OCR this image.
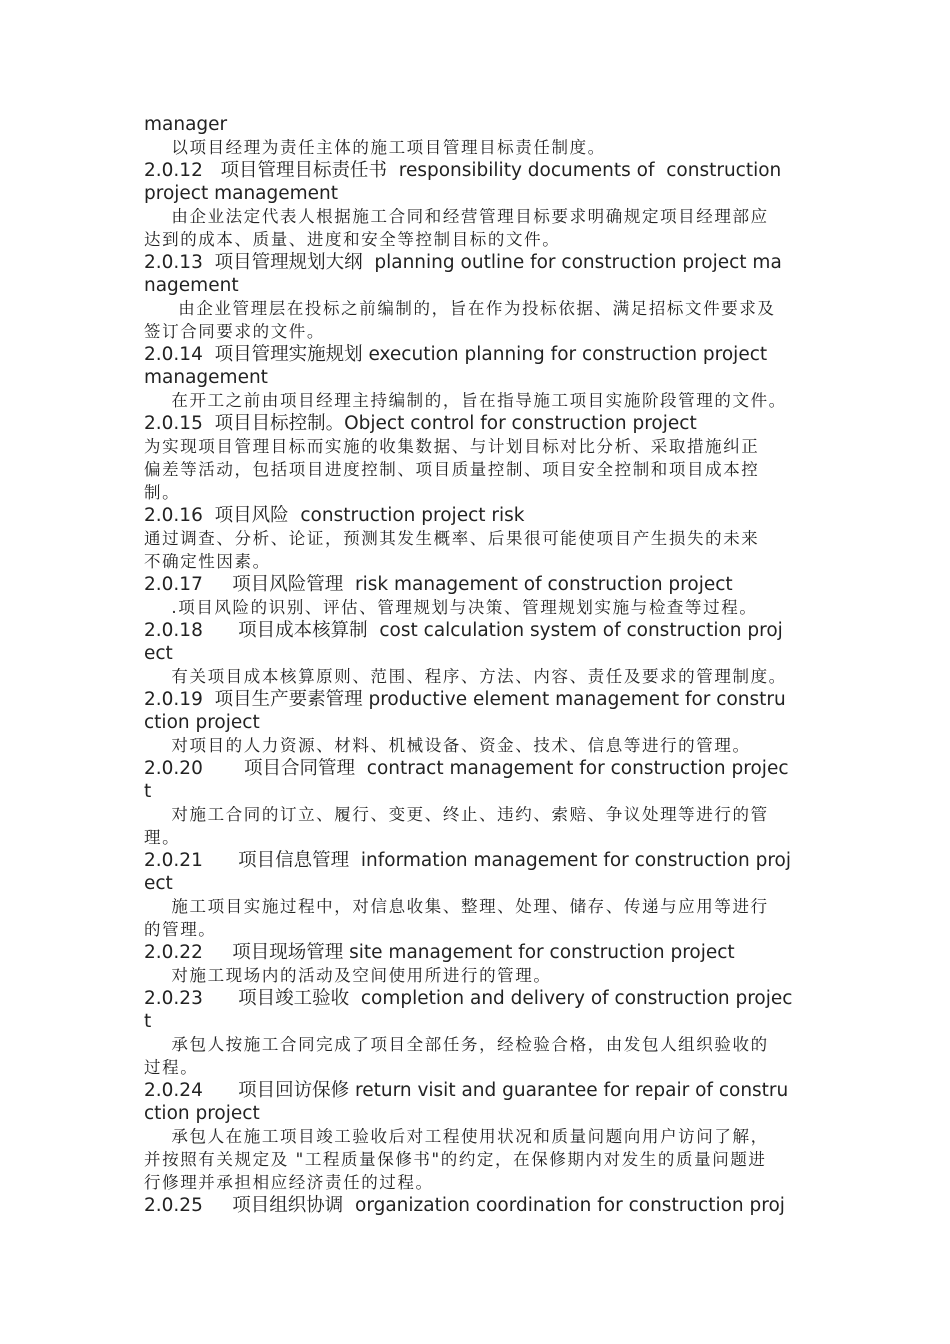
manager
以项目经理为责任主体的施工项目管理目标责任制度。
2.0.12   项目管理目标责任书  responsibility documents of  construction
project management
由企业法定代表人根据施工合同和经营管理目标要求明确规定项目经理部应
达到的成本、质量、进度和安全等控制目标的文件。
2.0.13  项目管理规划大纲  planning outline for construction project ma
nagement
由企业管理层在投标之前编制的，旨在作为投标依据、满足招标文件要求及
签订合同要求的文件。
2.0.14  项目管理实施规划 execution planning for construction project
management
在开工之前由项目经理主持编制的，旨在指导施工项目实施阶段管理的文件。
2.0.15  项目目标控制。Object control for construction project
为实现项目管理目标而实施的收集数据、与计划目标对比分析、采取措施纠正
偏差等活动，包括项目进度控制、项目质量控制、项目安全控制和项目成本控
制。
2.0.16  项目风险  construction project risk
通过调查、分析、论证，预测其发生概率、后果很可能使项目产生损失的未来
不确定性因素。
2.0.17     项目风险管理  risk management of construction project
.项目风险的识别、评估、管理规划与决策、管理规划实施与检查等过程。
2.0.18      项目成本核算制  cost calculation system of construction proj
ect
有关项目成本核算原则、范围、程序、方法、内容、责任及要求的管理制度。
2.0.19  项目生产要素管理 productive element management for constru
ction project
对项目的人力资源、材料、机械设备、资金、技术、信息等进行的管理。
2.0.20       项目合同管理  contract management for construction projec
t
对施工合同的订立、履行、变更、终止、违约、索赔、争议处理等进行的管
理。
2.0.21      项目信息管理  information management for construction proj
ect
施工项目实施过程中，对信息收集、整理、处理、储存、传递与应用等进行
的管理。
2.0.22     项目现场管理 site management for construction project
对施工现场内的活动及空间使用所进行的管理。
2.0.23      项目竣工验收  completion and delivery of construction projec
t
承包人按施工合同完成了项目全部任务，经检验合格，由发包人组织验收的
过程。
2.0.24      项目回访保修 return visit and guarantee for repair of constru
ction project
承包人在施工项目竣工验收后对工程使用状况和质量问题向用户访问了解，
并按照有关规定及 "工程质量保修书"的约定，在保修期内对发生的质量问题进
行修理并承担相应经济责任的过程。
2.0.25     项目组织协调  organization coordination for construction proj
